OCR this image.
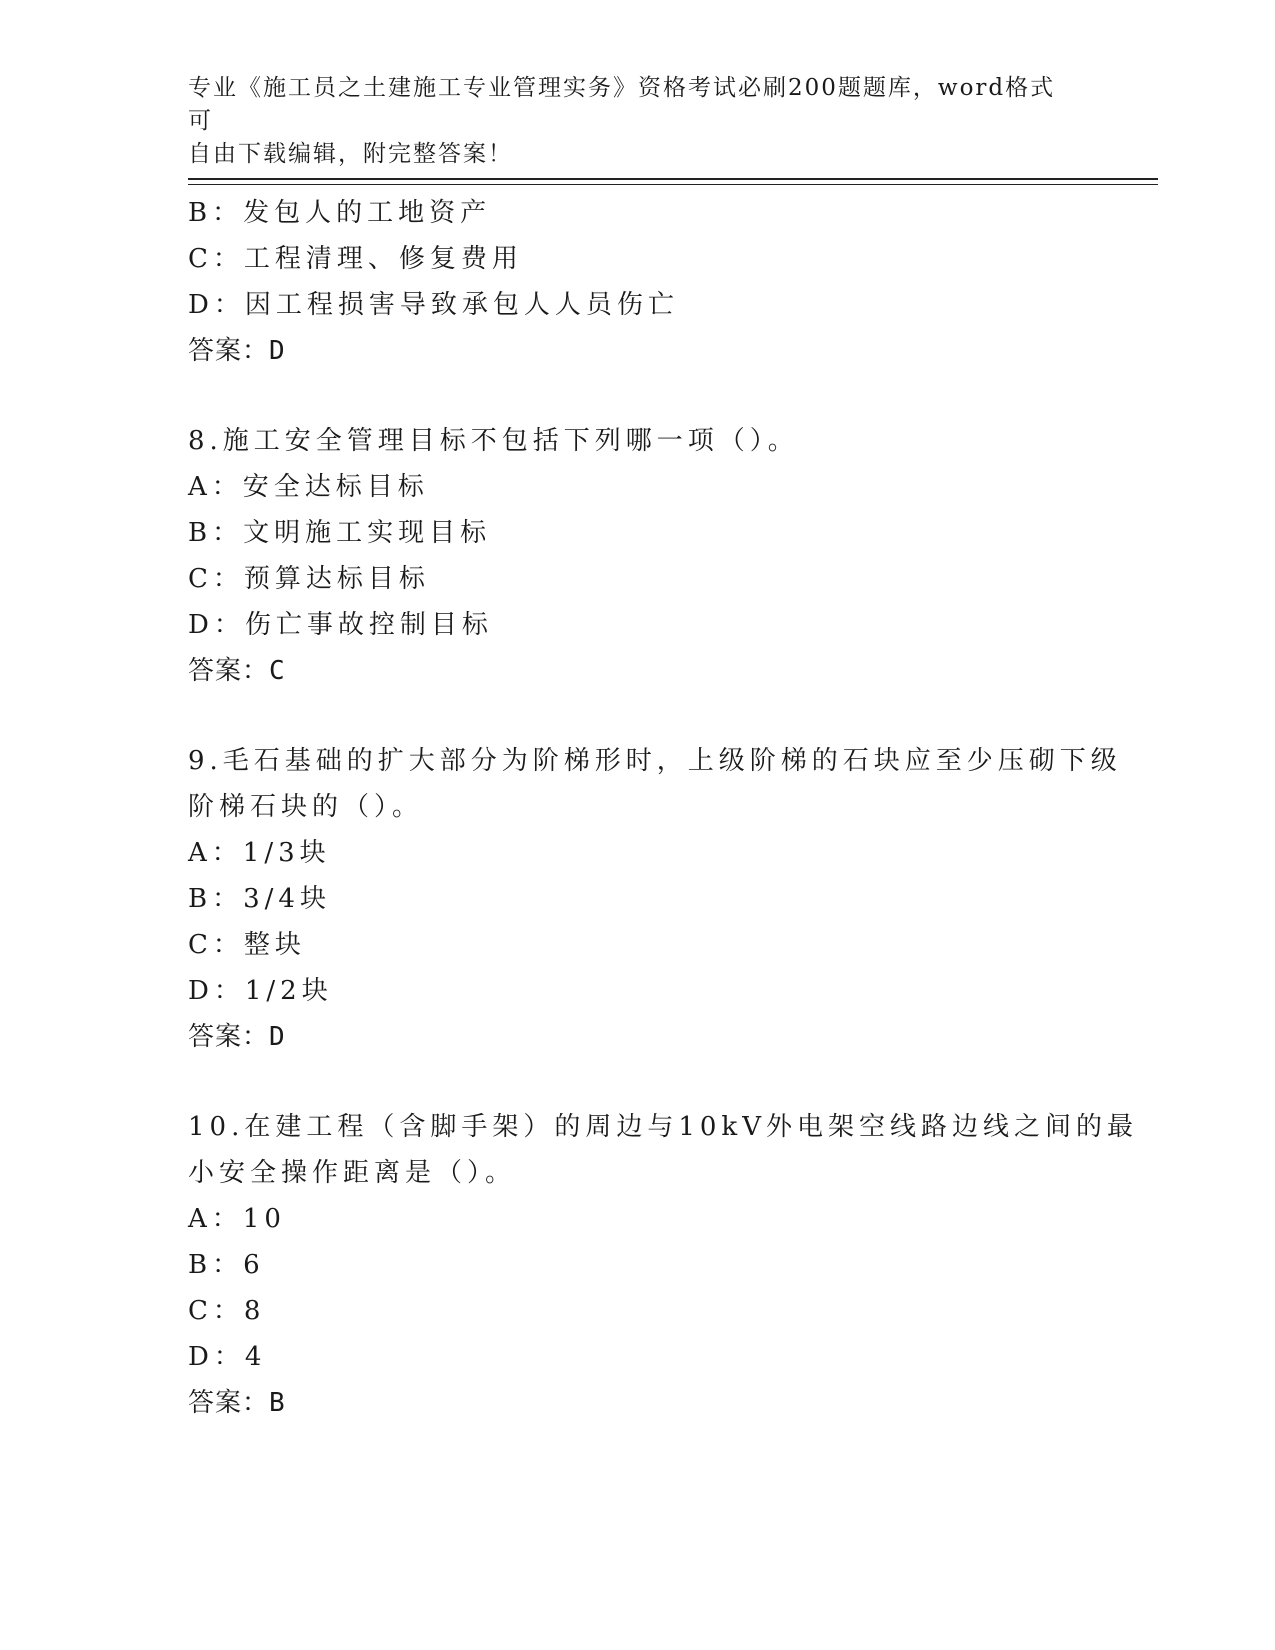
专业《施工员之土建施工专业管理实务》资格考试必刷200题题库，word格式可
自由下载编辑，附完整答案！
B：发包人的工地资产
C：工程清理、修复费用
D：因工程损害导致承包人人员伤亡
答案：D
8.施工安全管理目标不包括下列哪一项（）。
A：安全达标目标
B：文明施工实现目标
C：预算达标目标
D：伤亡事故控制目标
答案：C
9.毛石基础的扩大部分为阶梯形时，上级阶梯的石块应至少压砌下级
阶梯石块的（）。
A：1/3块
B：3/4块
C：整块
D：1/2块
答案：D
10.在建工程（含脚手架）的周边与10kV外电架空线路边线之间的最
小安全操作距离是（）。
A：10
B：6
C：8
D：4
答案：B
